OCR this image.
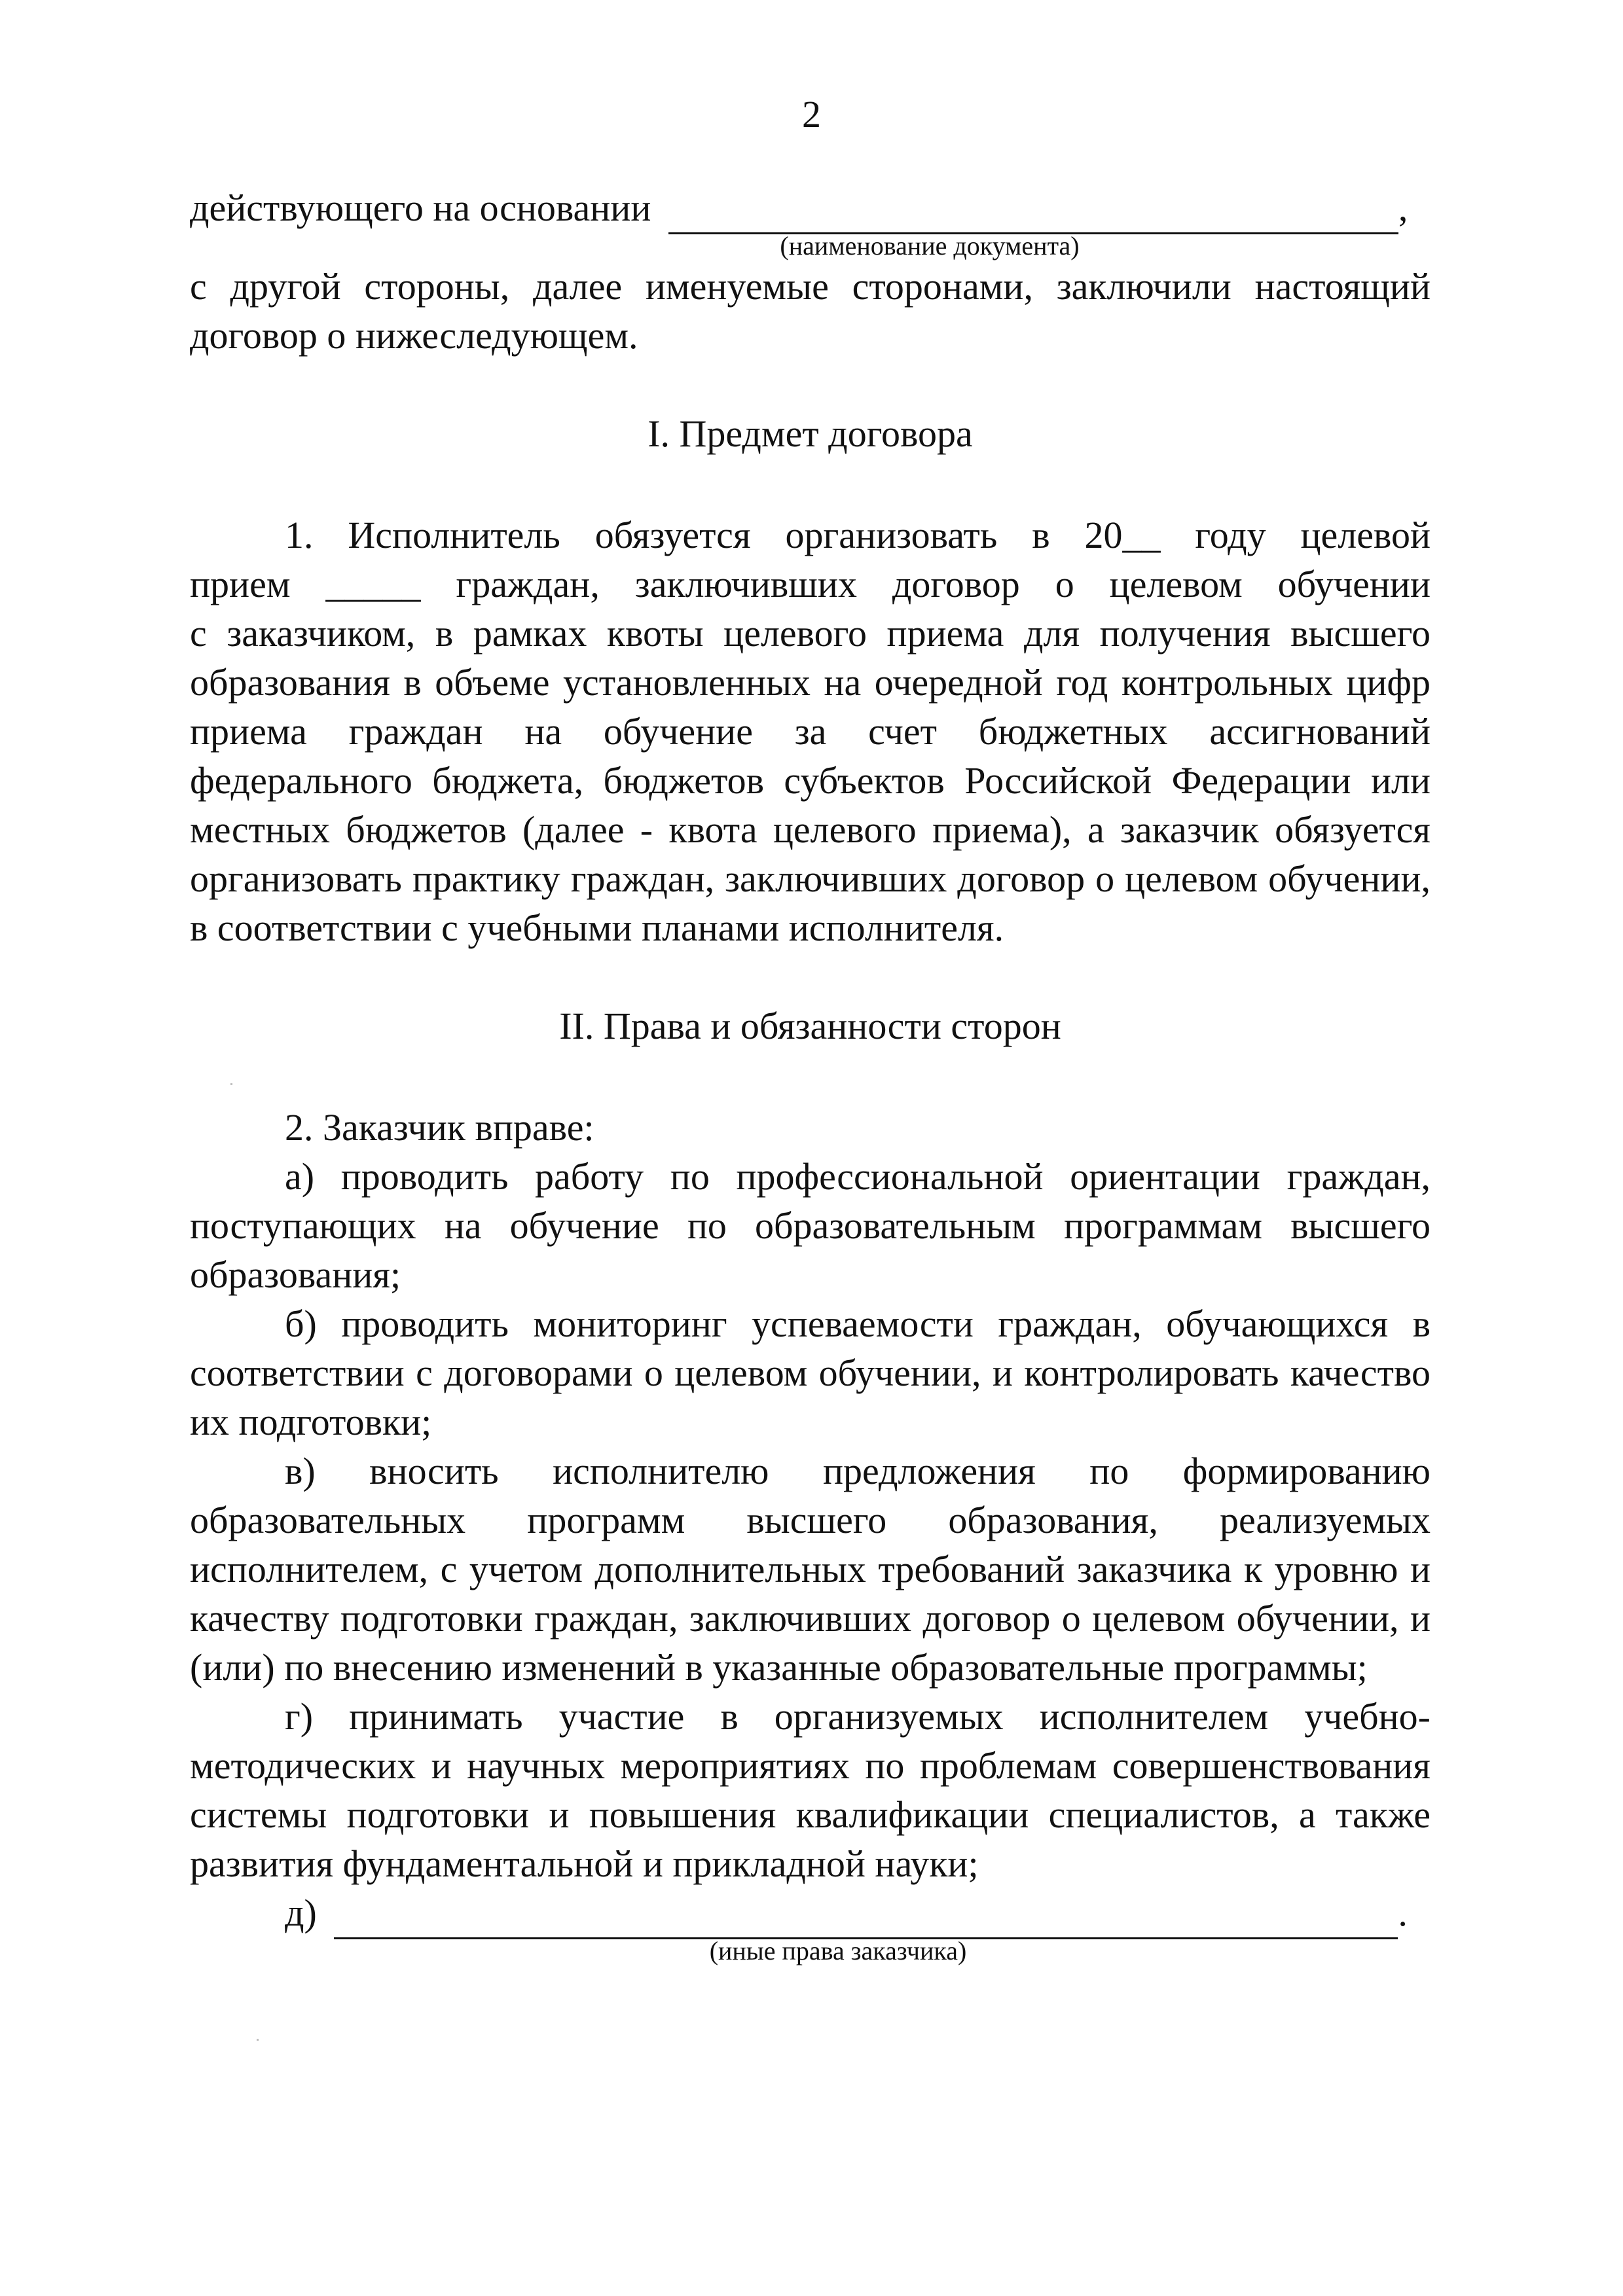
2
действующего на основании	,
(наименование документа)
с другой стороны, далее именуемые сторонами, заключили настоящий договор о нижеследующем.
I. Предмет договора
1. Исполнитель обязуется организовать в 20__ году целевой
прием _____ граждан, заключивших договор о целевом обучении
с заказчиком, в рамках квоты целевого приема для получения высшего образования в объеме установленных на очередной год контрольных цифр приема граждан на обучение за счет бюджетных ассигнований федерального бюджета, бюджетов субъектов Российской Федерации или местных бюджетов (далее - квота целевого приема), а заказчик обязуется организовать практику граждан, заключивших договор о целевом обучении, в соответствии с учебными планами исполнителя.
II. Права и обязанности сторон
2. Заказчик вправе:
а) проводить работу по профессиональной ориентации граждан, поступающих на обучение по образовательным программам высшего образования;
б) проводить мониторинг успеваемости граждан, обучающихся в соответствии с договорами о целевом обучении, и контролировать качество их подготовки;
в) вносить исполнителю предложения по формированию образовательных программ высшего образования, реализуемых исполнителем, с учетом дополнительных требований заказчика к уровню и качеству подготовки граждан, заключивших договор о целевом обучении, и (или) по внесению изменений в указанные образовательные программы;
г) принимать участие в организуемых исполнителем учебно-методических и научных мероприятиях по проблемам совершенствования системы подготовки и повышения квалификации специалистов, а также развития фундаментальной и прикладной науки;
д)	.
(иные права заказчика)
